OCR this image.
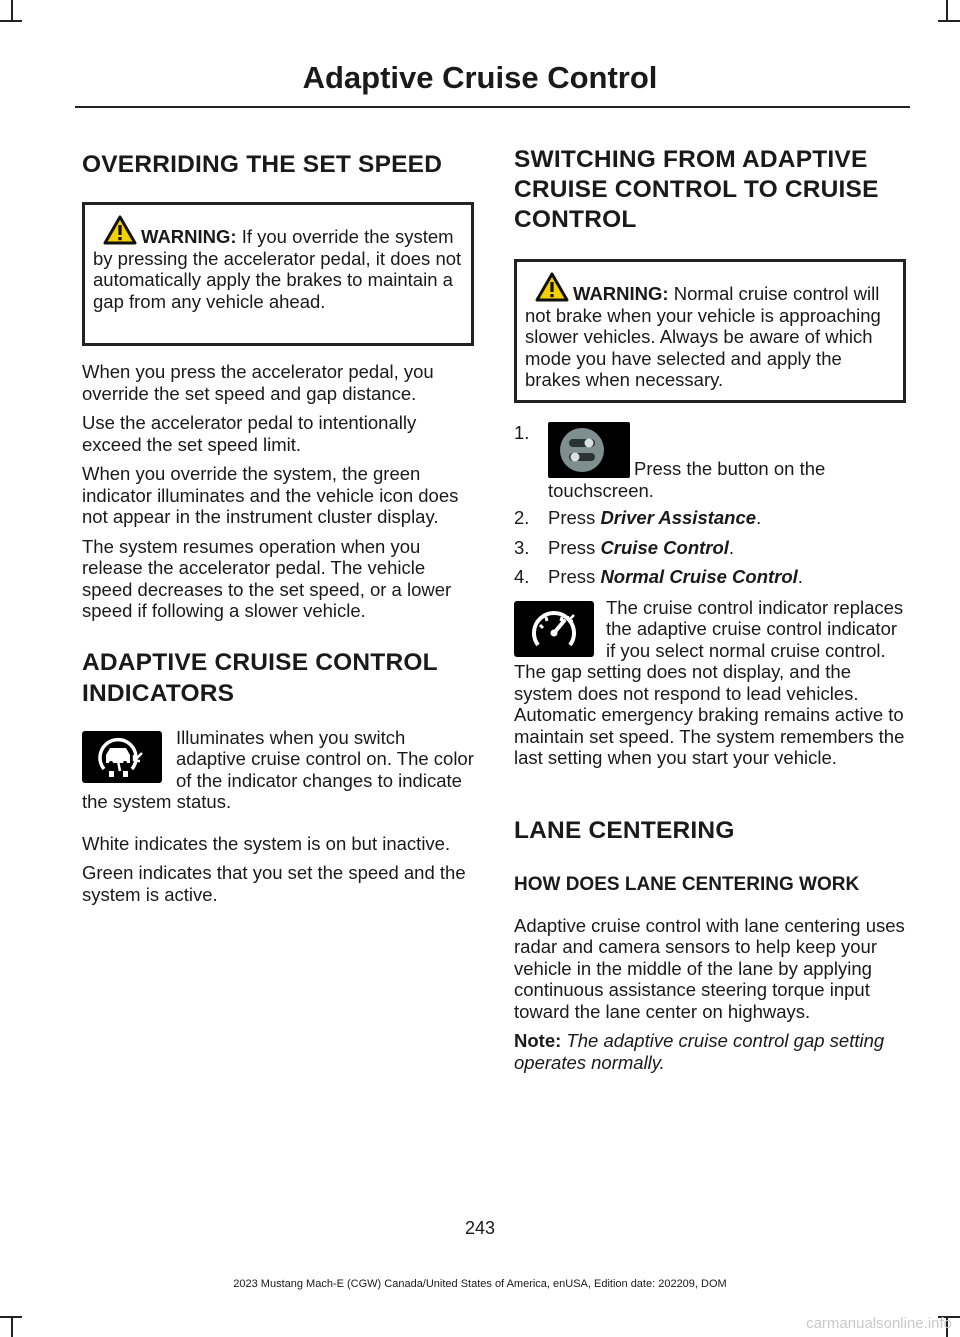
Adaptive Cruise Control
OVERRIDING THE SET SPEED
WARNING: If you override the system by pressing the accelerator pedal, it does not automatically apply the brakes to maintain a gap from any vehicle ahead.

When you press the accelerator pedal, you override the set speed and gap distance.

Use the accelerator pedal to intentionally exceed the set speed limit.

When you override the system, the green indicator illuminates and the vehicle icon does not appear in the instrument cluster display.

The system resumes operation when you release the accelerator pedal. The vehicle speed decreases to the set speed, or a lower speed if following a slower vehicle.

ADAPTIVE CRUISE CONTROL
INDICATORS

Illuminates when you switch adaptive cruise control on. The color of the indicator changes to indicate the system status.

White indicates the system is on but inactive.

Green indicates that you set the speed and the system is active.

SWITCHING FROM ADAPTIVE
CRUISE CONTROL TO CRUISE
CONTROL
WARNING: Normal cruise control will not brake when your vehicle is approaching slower vehicles. Always be aware of which mode you have selected and apply the brakes when necessary.
1.
Press the button on the touchscreen.
2. Press Driver Assistance.
3. Press Cruise Control.
4. Press Normal Cruise Control.

The cruise control indicator replaces the adaptive cruise control indicator if you select normal cruise control. The gap setting does not display, and the system does not respond to lead vehicles. Automatic emergency braking remains active to maintain set speed. The system remembers the last setting when you start your vehicle.

LANE CENTERING
HOW DOES LANE CENTERING WORK

Adaptive cruise control with lane centering uses radar and camera sensors to help keep your vehicle in the middle of the lane by applying continuous assistance steering torque input toward the lane center on highways.

Note: The adaptive cruise control gap setting operates normally.

243
2023 Mustang Mach-E (CGW) Canada/United States of America, enUSA, Edition date: 202209, DOM
carmanualsonline.info
